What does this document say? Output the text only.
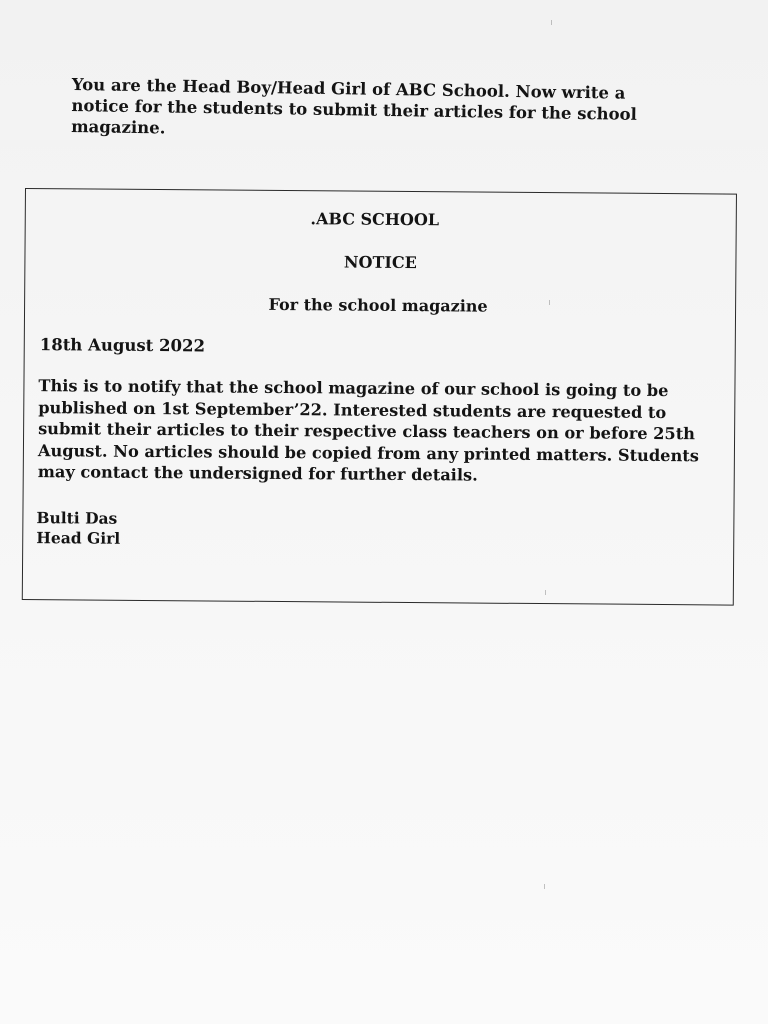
You are the Head Boy/Head Girl of ABC School. Now write a notice for the students to submit their articles for the school magazine.

.ABC SCHOOL

NOTICE

For the school magazine

18th August 2022

This is to notify that the school magazine of our school is going to be published on 1st September’22. Interested students are requested to submit their articles to their respective class teachers on or before 25th August. No articles should be copied from any printed matters. Students may contact the undersigned for further details.

Bulti Das
Head Girl
